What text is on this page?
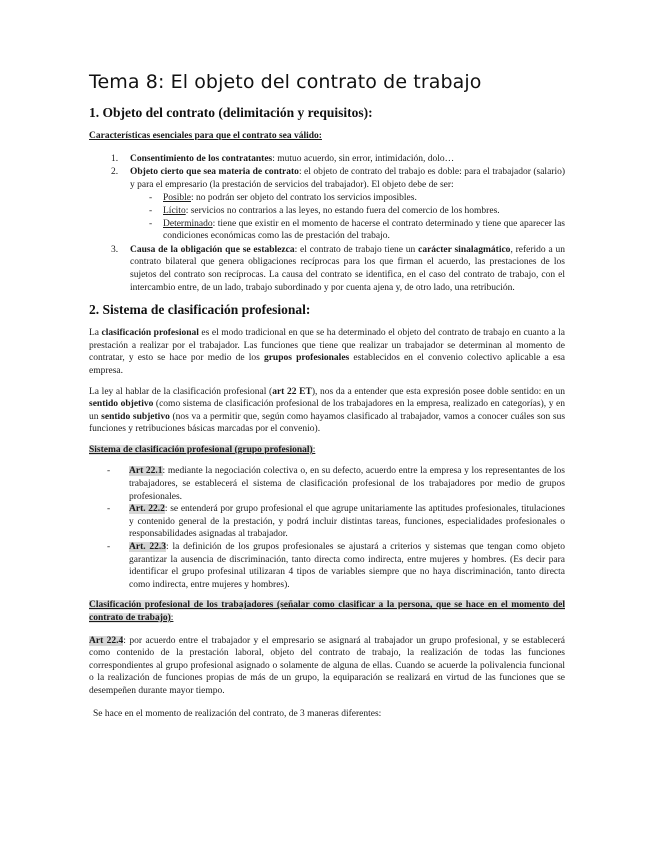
Tema 8: El objeto del contrato de trabajo
1. Objeto del contrato (delimitación y requisitos):
Características esenciales para que el contrato sea válido:
1. Consentimiento de los contratantes: mutuo acuerdo, sin error, intimidación, dolo…
2. Objeto cierto que sea materia de contrato: el objeto de contrato del trabajo es doble: para el trabajador (salario) y para el empresario (la prestación de servicios del trabajador). El objeto debe de ser:
-	Posible: no podrán ser objeto del contrato los servicios imposibles.
-	Lícito: servicios no contrarios a las leyes, no estando fuera del comercio de los hombres.
-	Determinado: tiene que existir en el momento de hacerse el contrato determinado y tiene que aparecer las condiciones económicas como las de prestación del trabajo.
3. Causa de la obligación que se establezca: el contrato de trabajo tiene un carácter sinalagmático, referido a un contrato bilateral que genera obligaciones recíprocas para los que firman el acuerdo, las prestaciones de los sujetos del contrato son recíprocas. La causa del contrato se identifica, en el caso del contrato de trabajo, con el intercambio entre, de un lado, trabajo subordinado y por cuenta ajena y, de otro lado, una retribución.
2. Sistema de clasificación profesional:

La clasificación profesional es el modo tradicional en que se ha determinado el objeto del contrato de trabajo en cuanto a la prestación a realizar por el trabajador. Las funciones que tiene que realizar un trabajador se determinan al momento de contratar, y esto se hace por medio de los grupos profesionales establecidos en el convenio colectivo aplicable a esa empresa.

La ley al hablar de la clasificación profesional (art 22 ET), nos da a entender que esta expresión posee doble sentido: en un sentido objetivo (como sistema de clasificación profesional de los trabajadores en la empresa, realizado en categorías), y en un sentido subjetivo (nos va a permitir que, según como hayamos clasificado al trabajador, vamos a conocer cuáles son sus funciones y retribuciones básicas marcadas por el convenio).

Sistema de clasificación profesional (grupo profesional):
- Art 22.1: mediante la negociación colectiva o, en su defecto, acuerdo entre la empresa y los representantes de los trabajadores, se establecerá el sistema de clasificación profesional de los trabajadores por medio de grupos profesionales.
- Art. 22.2: se entenderá por grupo profesional el que agrupe unitariamente las aptitudes profesionales, titulaciones y contenido general de la prestación, y podrá incluir distintas tareas, funciones, especialidades profesionales o responsabilidades asignadas al trabajador.
- Art. 22.3: la definición de los grupos profesionales se ajustará a criterios y sistemas que tengan como objeto garantizar la ausencia de discriminación, tanto directa como indirecta, entre mujeres y hombres. (Es decir para identificar el grupo profesinal utilizaran 4 tipos de variables siempre que no haya discriminación, tanto directa como indirecta, entre mujeres y hombres).
Clasificación profesional de los trabajadores (señalar como clasificar a la persona, que se hace en el momento del contrato de trabajo):

Art 22.4: por acuerdo entre el trabajador y el empresario se asignará al trabajador un grupo profesional, y se establecerá como contenido de la prestación laboral, objeto del contrato de trabajo, la realización de todas las funciones correspondientes al grupo profesional asignado o solamente de alguna de ellas. Cuando se acuerde la polivalencia funcional o la realización de funciones propias de más de un grupo, la equiparación se realizará en virtud de las funciones que se desempeñen durante mayor tiempo.

Se hace en el momento de realización del contrato, de 3 maneras diferentes:
